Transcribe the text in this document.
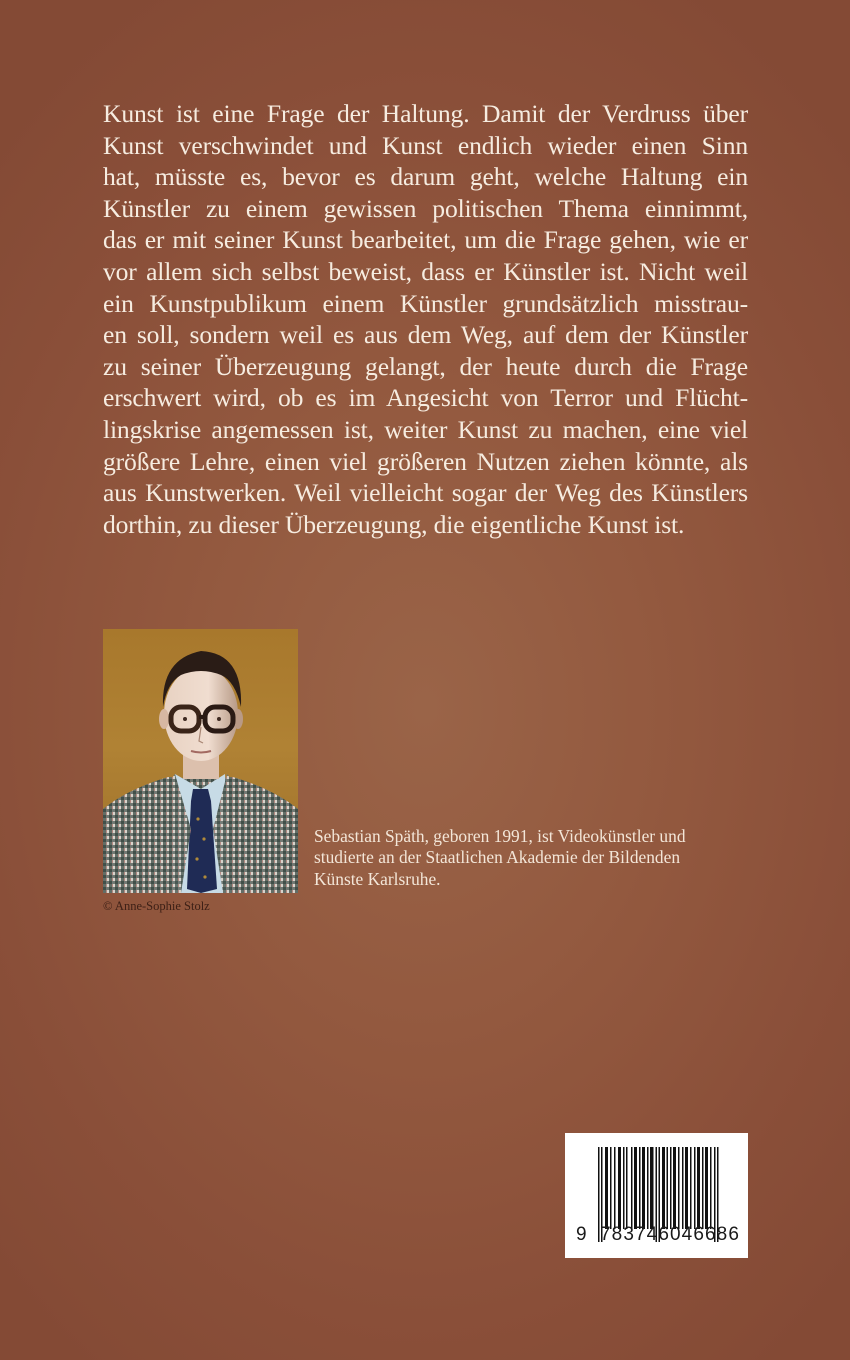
Kunst ist eine Frage der Haltung. Damit der Verdruss über
Kunst verschwindet und Kunst endlich wieder einen Sinn
hat, müsste es, bevor es darum geht, welche Haltung ein
Künstler zu einem gewissen politischen Thema einnimmt,
das er mit seiner Kunst bearbeitet, um die Frage gehen, wie er
vor allem sich selbst beweist, dass er Künstler ist. Nicht weil
ein Kunstpublikum einem Künstler grundsätzlich misstrau-
en soll, sondern weil es aus dem Weg, auf dem der Künstler
zu seiner Überzeugung gelangt, der heute durch die Frage
erschwert wird, ob es im Angesicht von Terror und Flücht-
lingskrise angemessen ist, weiter Kunst zu machen, eine viel
größere Lehre, einen viel größeren Nutzen ziehen könnte, als
aus Kunstwerken. Weil vielleicht sogar der Weg des Künstlers
dorthin, zu dieser Überzeugung, die eigentliche Kunst ist.
© Anne-Sophie Stolz
Sebastian Späth, geboren 1991, ist Videokünstler und
studierte an der Staatlichen Akademie der Bildenden
Künste Karlsruhe.
9 783746046686
